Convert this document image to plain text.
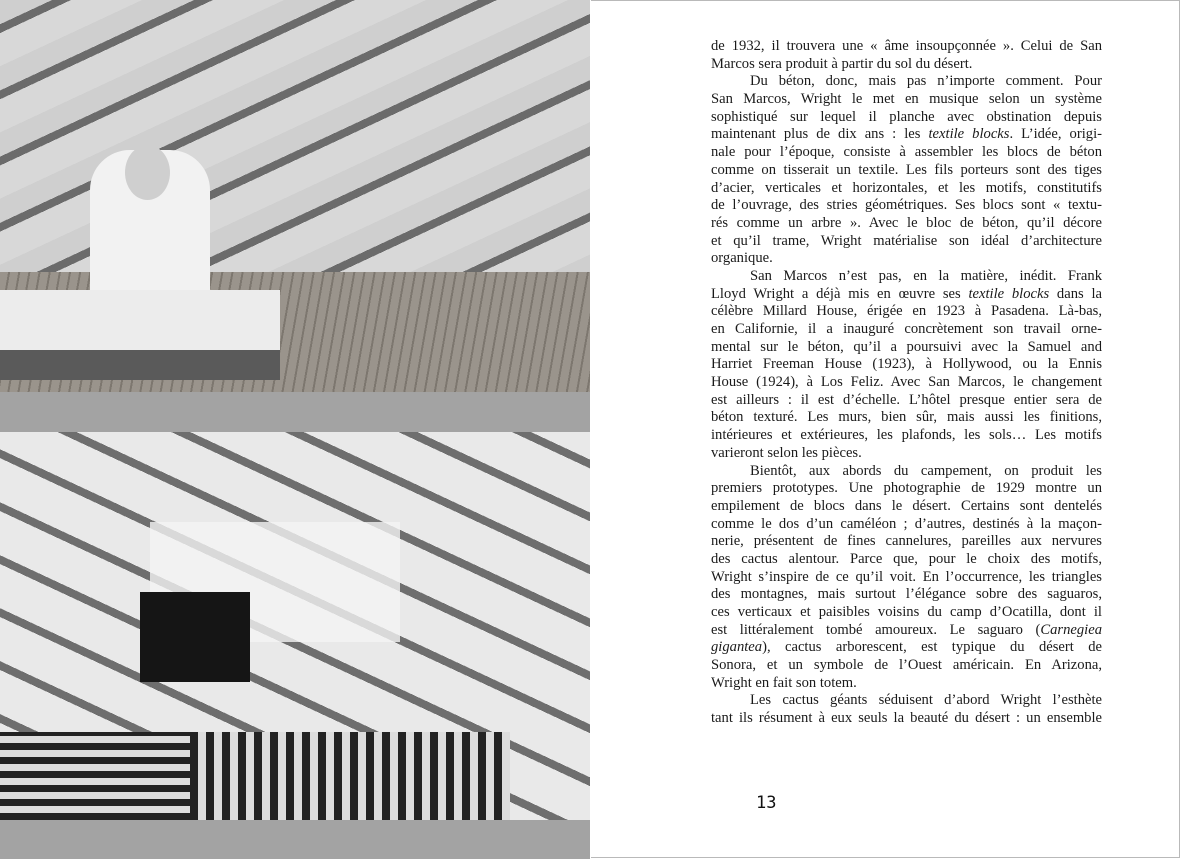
de 1932, il trouvera une « âme insoupçonnée ». Celui de San
Marcos sera produit à partir du sol du désert.
Du béton, donc, mais pas n’importe comment. Pour
San Marcos, Wright le met en musique selon un système
sophistiqué sur lequel il planche avec obstination depuis
maintenant plus de dix ans : les textile blocks. L’idée, origi-
nale pour l’époque, consiste à assembler les blocs de béton
comme on tisserait un textile. Les fils porteurs sont des tiges
d’acier, verticales et horizontales, et les motifs, constitutifs
de l’ouvrage, des stries géométriques. Ses blocs sont « textu-
rés comme un arbre ». Avec le bloc de béton, qu’il décore
et qu’il trame, Wright matérialise son idéal d’architecture
organique.
San Marcos n’est pas, en la matière, inédit. Frank
Lloyd Wright a déjà mis en œuvre ses textile blocks dans la
célèbre Millard House, érigée en 1923 à Pasadena. Là-bas,
en Californie, il a inauguré concrètement son travail orne-
mental sur le béton, qu’il a poursuivi avec la Samuel and
Harriet Freeman House (1923), à Hollywood, ou la Ennis
House (1924), à Los Feliz. Avec San Marcos, le changement
est ailleurs : il est d’échelle. L’hôtel presque entier sera de
béton texturé. Les murs, bien sûr, mais aussi les finitions,
intérieures et extérieures, les plafonds, les sols… Les motifs
varieront selon les pièces.
Bientôt, aux abords du campement, on produit les
premiers prototypes. Une photographie de 1929 montre un
empilement de blocs dans le désert. Certains sont dentelés
comme le dos d’un caméléon ; d’autres, destinés à la maçon-
nerie, présentent de fines cannelures, pareilles aux nervures
des cactus alentour. Parce que, pour le choix des motifs,
Wright s’inspire de ce qu’il voit. En l’occurrence, les triangles
des montagnes, mais surtout l’élégance sobre des saguaros,
ces verticaux et paisibles voisins du camp d’Ocatilla, dont il
est littéralement tombé amoureux. Le saguaro (Carnegiea
gigantea), cactus arborescent, est typique du désert de
Sonora, et un symbole de l’Ouest américain. En Arizona,
Wright en fait son totem.
Les cactus géants séduisent d’abord Wright l’esthète
tant ils résument à eux seuls la beauté du désert : un ensemble
13
